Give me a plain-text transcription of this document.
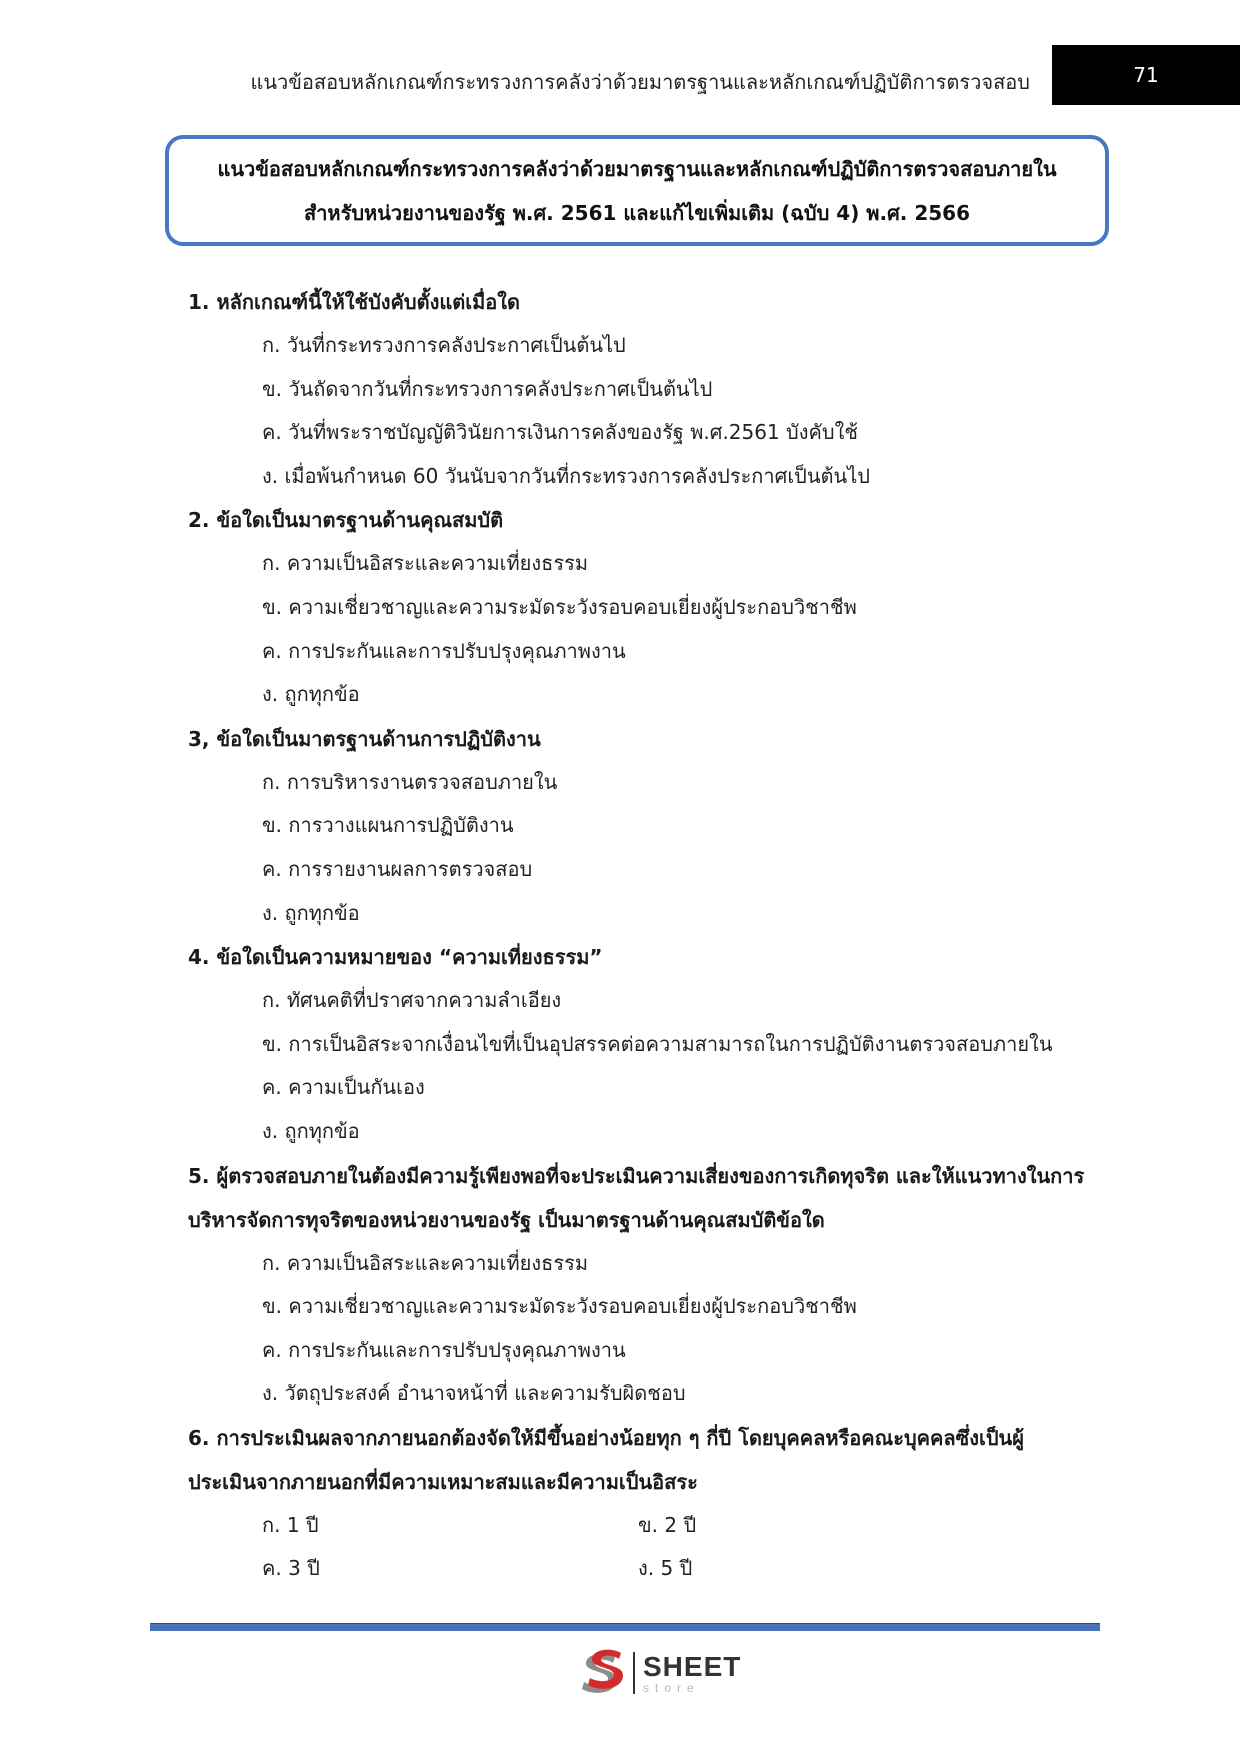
แนวข้อสอบหลักเกณฑ์กระทรวงการคลังว่าด้วยมาตรฐานและหลักเกณฑ์ปฏิบัติการตรวจสอบ	71
แนวข้อสอบหลักเกณฑ์กระทรวงการคลังว่าด้วยมาตรฐานและหลักเกณฑ์ปฏิบัติการตรวจสอบภายใน
สำหรับหน่วยงานของรัฐ พ.ศ. 2561 และแก้ไขเพิ่มเติม (ฉบับ 4) พ.ศ. 2566
1. หลักเกณฑ์นี้ให้ใช้บังคับตั้งแต่เมื่อใด
ก. วันที่กระทรวงการคลังประกาศเป็นต้นไป
ข. วันถัดจากวันที่กระทรวงการคลังประกาศเป็นต้นไป
ค. วันที่พระราชบัญญัติวินัยการเงินการคลังของรัฐ พ.ศ.2561 บังคับใช้
ง. เมื่อพ้นกำหนด 60 วันนับจากวันที่กระทรวงการคลังประกาศเป็นต้นไป
2. ข้อใดเป็นมาตรฐานด้านคุณสมบัติ
ก. ความเป็นอิสระและความเที่ยงธรรม
ข. ความเชี่ยวชาญและความระมัดระวังรอบคอบเยี่ยงผู้ประกอบวิชาชีพ
ค. การประกันและการปรับปรุงคุณภาพงาน
ง. ถูกทุกข้อ
3, ข้อใดเป็นมาตรฐานด้านการปฏิบัติงาน
ก. การบริหารงานตรวจสอบภายใน
ข. การวางแผนการปฏิบัติงาน
ค. การรายงานผลการตรวจสอบ
ง. ถูกทุกข้อ
4. ข้อใดเป็นความหมายของ “ความเที่ยงธรรม”
ก. ทัศนคติที่ปราศจากความลำเอียง
ข. การเป็นอิสระจากเงื่อนไขที่เป็นอุปสรรคต่อความสามารถในการปฏิบัติงานตรวจสอบภายใน
ค. ความเป็นกันเอง
ง. ถูกทุกข้อ
5. ผู้ตรวจสอบภายในต้องมีความรู้เพียงพอที่จะประเมินความเสี่ยงของการเกิดทุจริต และให้แนวทางในการบริหารจัดการทุจริตของหน่วยงานของรัฐ เป็นมาตรฐานด้านคุณสมบัติข้อใด
ก. ความเป็นอิสระและความเที่ยงธรรม
ข. ความเชี่ยวชาญและความระมัดระวังรอบคอบเยี่ยงผู้ประกอบวิชาชีพ
ค. การประกันและการปรับปรุงคุณภาพงาน
ง. วัตถุประสงค์ อำนาจหน้าที่ และความรับผิดชอบ
6. การประเมินผลจากภายนอกต้องจัดให้มีขึ้นอย่างน้อยทุก ๆ กี่ปี โดยบุคคลหรือคณะบุคคลซึ่งเป็นผู้ประเมินจากภายนอกที่มีความเหมาะสมและมีความเป็นอิสระ
ก. 1 ปี	ข. 2 ปี
ค. 3 ปี	ง. 5 ปี
SHEET
store
